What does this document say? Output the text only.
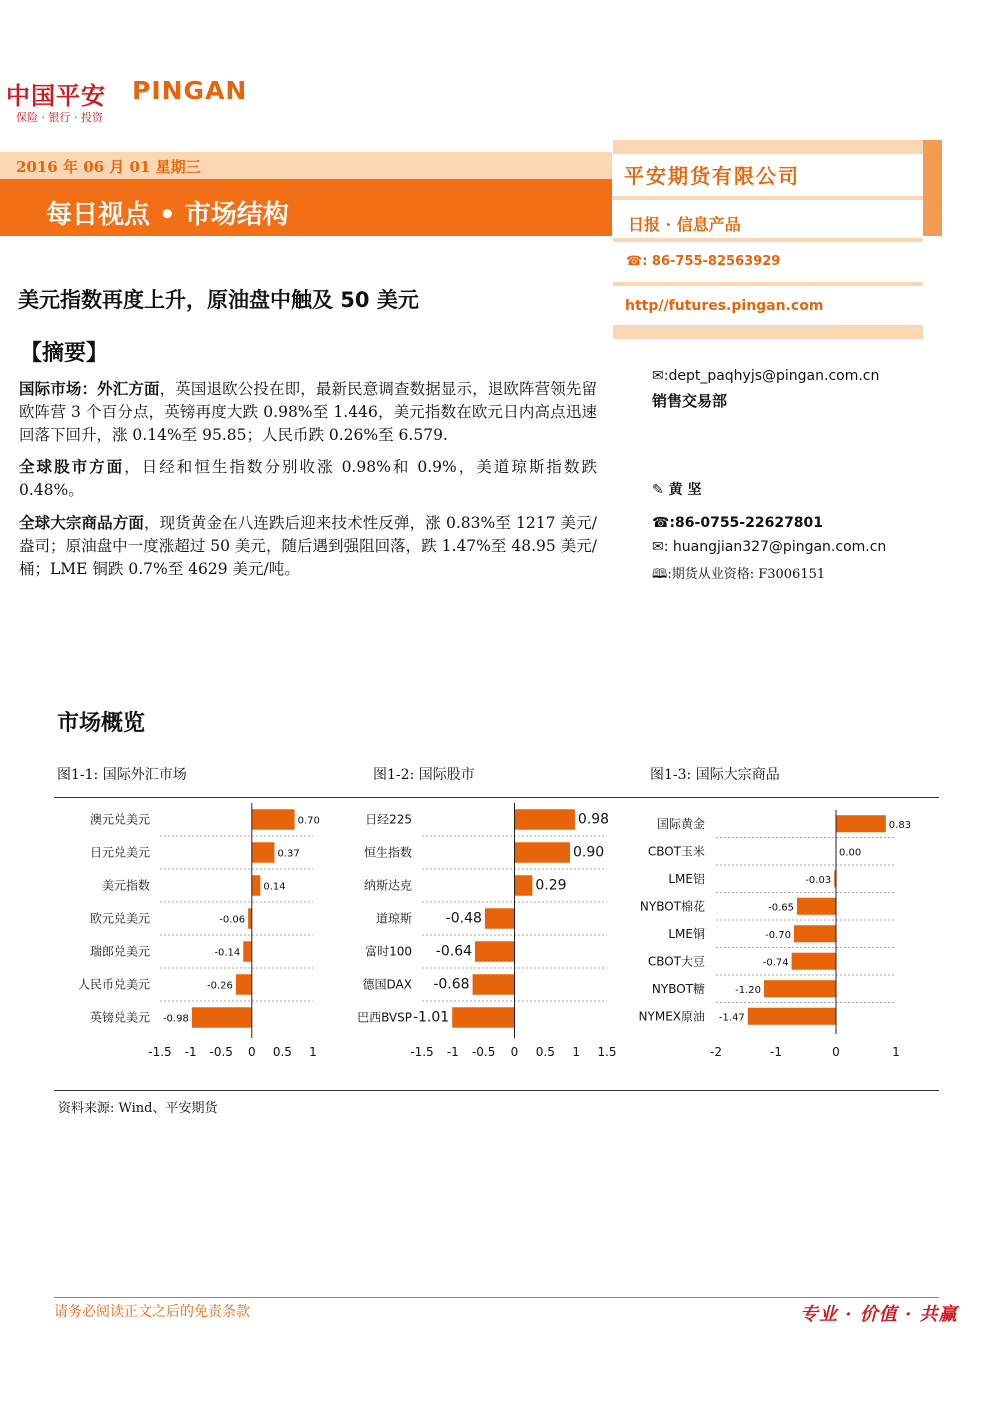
中国平安 PINGAN
保险 · 银行 · 投资
2016 年 06 月 01 星期三
每日视点 • 市场结构
平安期货有限公司
日报 · 信息产品
☎: 86-755-82563929
http//futures.pingan.com
美元指数再度上升，原油盘中触及 50 美元
【摘要】
国际市场：外汇方面，英国退欧公投在即，最新民意调查数据显示，退欧阵营领先留欧阵营 3 个百分点，英镑再度大跌 0.98%至 1.446，美元指数在欧元日内高点迅速回落下回升，涨 0.14%至 95.85；人民币跌 0.26%至 6.579.
全球股市方面，日经和恒生指数分别收涨 0.98%和 0.9%，美道琼斯指数跌 0.48%。
全球大宗商品方面，现货黄金在八连跌后迎来技术性反弹，涨 0.83%至 1217 美元/盎司；原油盘中一度涨超过 50 美元，随后遇到强阻回落，跌 1.47%至 48.95 美元/桶；LME 铜跌 0.7%至 4629 美元/吨。
✉:dept_paqhyjs@pingan.com.cn
销售交易部
✎ 黄 坚
☎:86-0755-22627801
✉: huangjian327@pingan.com.cn
🕮:期货从业资格: F3006151
市场概览
图1-1: 国际外汇市场	图1-2: 国际股市	图1-3: 国际大宗商品
澳元兑美元	0.70
日元兑美元	0.37
美元指数	0.14
欧元兑美元	-0.06
瑞郎兑美元	-0.14
人民币兑美元	-0.26
英镑兑美元 -0.98
-1.5 -1 -0.5 0 0.5 1
日经225	0.98
恒生指数	0.90
纳斯达克	0.29
道琼斯 -0.48
富时100 -0.64
德国DAX -0.68
巴西BVSP -1.01
-1.5 -1 -0.5 0 0.5 1 1.5
国际黄金	0.83
CBOT玉米	0.00
LME铝	-0.03
NYBOT棉花	-0.65
LME铜	-0.70
CBOT大豆	-0.74
NYBOT糖	-1.20
NYMEX原油 -1.47
-2	-1	0	1
资料来源: Wind、平安期货
请务必阅读正文之后的免责条款	专业 · 价值 · 共赢
